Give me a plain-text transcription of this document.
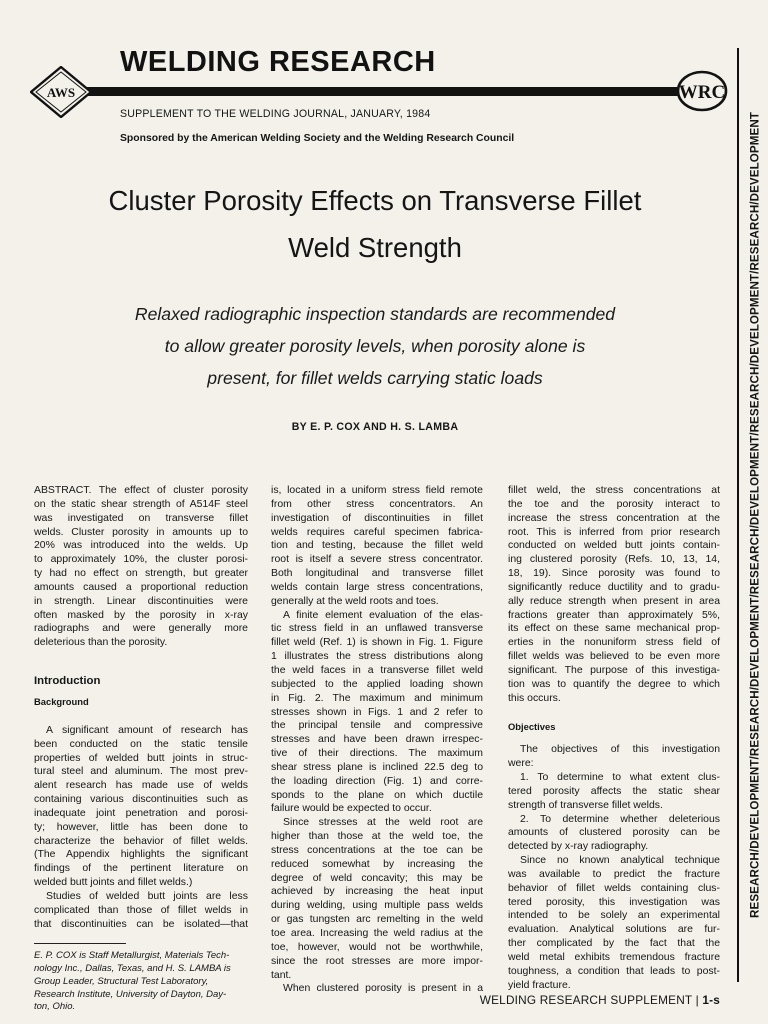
WELDING RESEARCH
AWS	WRC
SUPPLEMENT TO THE WELDING JOURNAL, JANUARY, 1984
Sponsored by the American Welding Society and the Welding Research Council
Cluster Porosity Effects on Transverse Fillet
Weld Strength
Relaxed radiographic inspection standards are recommended
to allow greater porosity levels, when porosity alone is
present, for fillet welds carrying static loads
BY E. P. COX AND H. S. LAMBA
ABSTRACT. The effect of cluster porosity
on the static shear strength of A514F steel
was investigated on transverse fillet
welds. Cluster porosity in amounts up to
20% was introduced into the welds. Up
to approximately 10%, the cluster porosi-
ty had no effect on strength, but greater
amounts caused a proportional reduction
in strength. Linear discontinuities were
often masked by the porosity in x-ray
radiographs and were generally more
deleterious than the porosity.
Introduction
Background
A significant amount of research has
been conducted on the static tensile
properties of welded butt joints in struc-
tural steel and aluminum. The most prev-
alent research has made use of welds
containing various discontinuities such as
inadequate joint penetration and porosi-
ty; however, little has been done to
characterize the behavior of fillet welds.
(The Appendix highlights the significant
findings of the pertinent literature on
welded butt joints and fillet welds.)
Studies of welded butt joints are less
complicated than those of fillet welds in
that discontinuities can be isolated—that
E. P. COX is Staff Metallurgist, Materials Tech-
nology Inc., Dallas, Texas, and H. S. LAMBA is
Group Leader, Structural Test Laboratory,
Research Institute, University of Dayton, Day-
ton, Ohio.
is, located in a uniform stress field remote
from other stress concentrators. An
investigation of discontinuities in fillet
welds requires careful specimen fabrica-
tion and testing, because the fillet weld
root is itself a severe stress concentrator.
Both longitudinal and transverse fillet
welds contain large stress concentrations,
generally at the weld roots and toes.
A finite element evaluation of the elas-
tic stress field in an unflawed transverse
fillet weld (Ref. 1) is shown in Fig. 1. Figure
1 illustrates the stress distributions along
the weld faces in a transverse fillet weld
subjected to the applied loading shown
in Fig. 2. The maximum and minimum
stresses shown in Figs. 1 and 2 refer to
the principal tensile and compressive
stresses and have been drawn irrespec-
tive of their directions. The maximum
shear stress plane is inclined 22.5 deg to
the loading direction (Fig. 1) and corre-
sponds to the plane on which ductile
failure would be expected to occur.
Since stresses at the weld root are
higher than those at the weld toe, the
stress concentrations at the toe can be
reduced somewhat by increasing the
degree of weld concavity; this may be
achieved by increasing the heat input
during welding, using multiple pass welds
or gas tungsten arc remelting in the weld
toe area. Increasing the weld radius at the
toe, however, would not be worthwhile,
since the root stresses are more impor-
tant.
When clustered porosity is present in a
fillet weld, the stress concentrations at
the toe and the porosity interact to
increase the stress concentration at the
root. This is inferred from prior research
conducted on welded butt joints contain-
ing clustered porosity (Refs. 10, 13, 14,
18, 19). Since porosity was found to
significantly reduce ductility and to gradu-
ally reduce strength when present in area
fractions greater than approximately 5%,
its effect on these same mechanical prop-
erties in the nonuniform stress field of
fillet welds was believed to be even more
significant. The purpose of this investiga-
tion was to quantify the degree to which
this occurs.
Objectives
The objectives of this investigation
were:
1. To determine to what extent clus-
tered porosity affects the static shear
strength of transverse fillet welds.
2. To determine whether deleterious
amounts of clustered porosity can be
detected by x-ray radiography.
Since no known analytical technique
was available to predict the fracture
behavior of fillet welds containing clus-
tered porosity, this investigation was
intended to be solely an experimental
evaluation. Analytical solutions are fur-
ther complicated by the fact that the
weld metal exhibits tremendous fracture
toughness, a condition that leads to post-
yield fracture.
RESEARCH/DEVELOPMENT/RESEARCH/DEVELOPMENT/RESEARCH/DEVELOPMENT/RESEARCH/DEVELOPMENT/RESEARCH/DEVELOPMENT
WELDING RESEARCH SUPPLEMENT | 1-s
